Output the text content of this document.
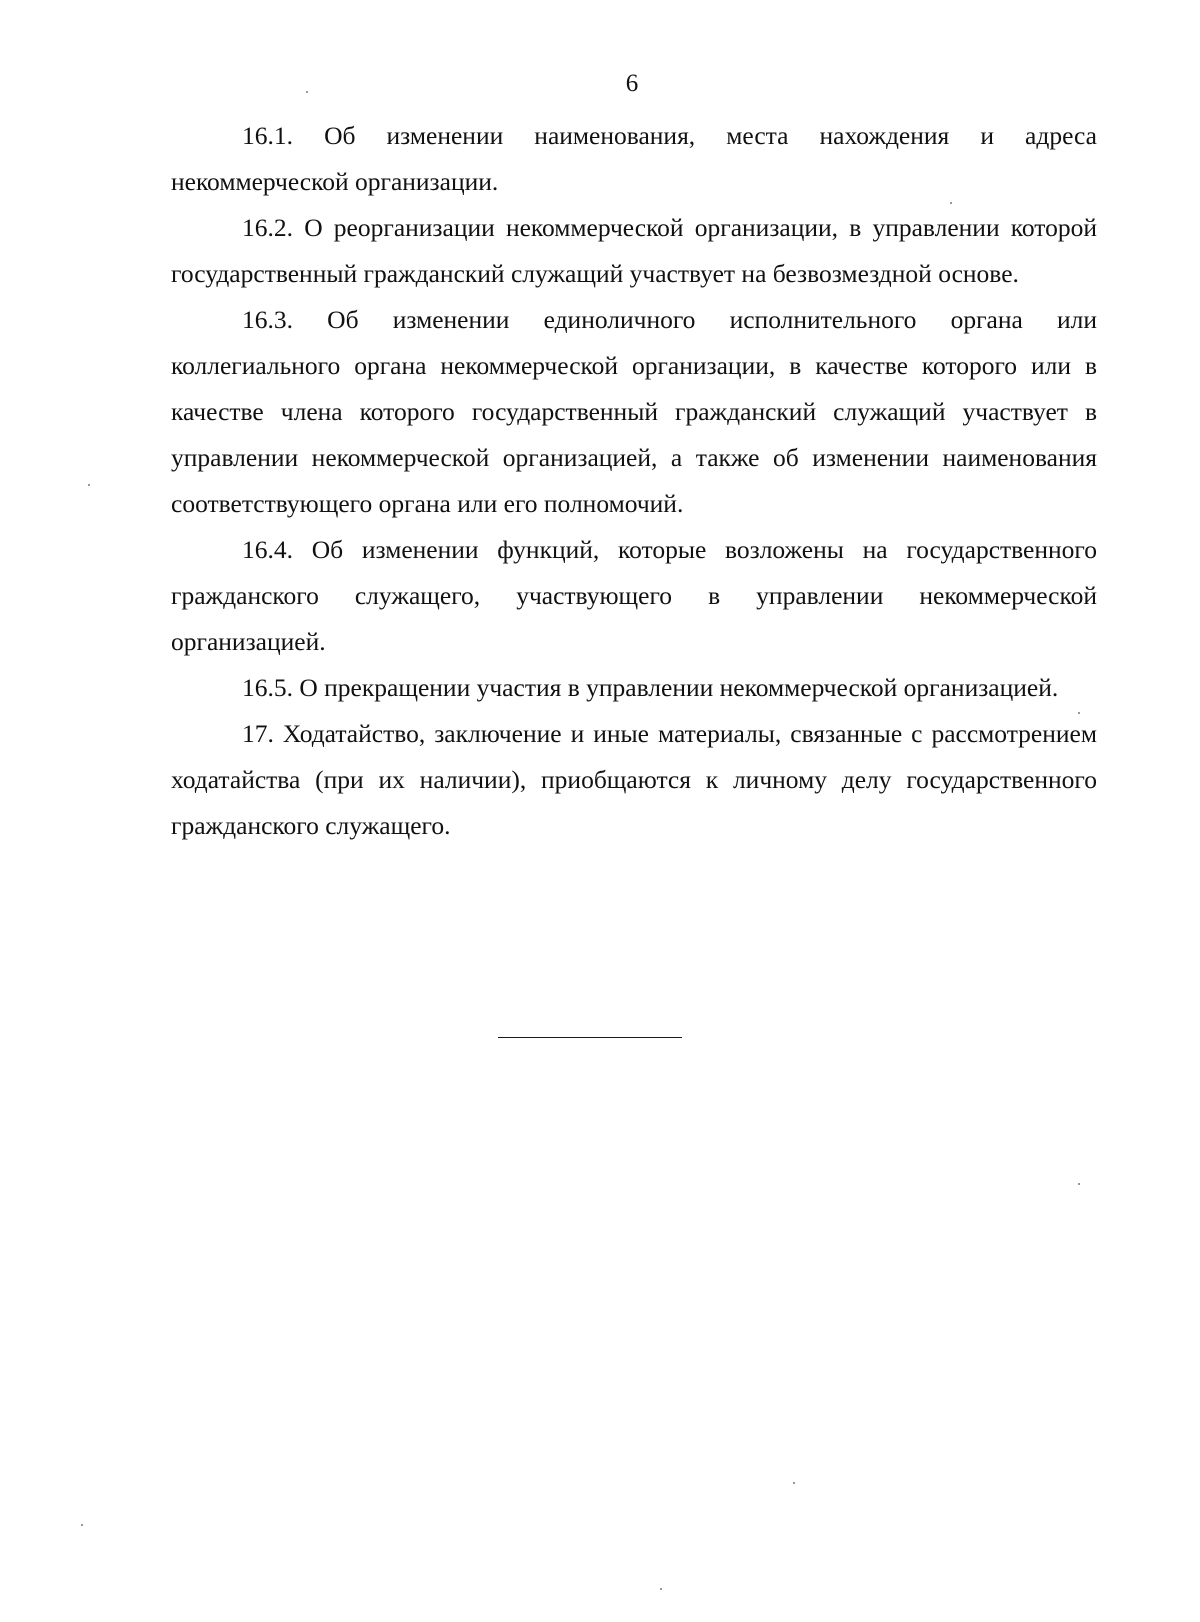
6

16.1. Об изменении наименования, места нахождения и адреса некоммерческой организации.

16.2. О реорганизации некоммерческой организации, в управлении которой государственный гражданский служащий участвует на безвозмездной основе.

16.3. Об изменении единоличного исполнительного органа или коллегиального органа некоммерческой организации, в качестве которого или в качестве члена которого государственный гражданский служащий участвует в управлении некоммерческой организацией, а также об изменении наименования соответствующего органа или его полномочий.

16.4. Об изменении функций, которые возложены на государственного гражданского служащего, участвующего в управлении некоммерческой организацией.

16.5. О прекращении участия в управлении некоммерческой организацией.

17. Ходатайство, заключение и иные материалы, связанные с рассмотрением ходатайства (при их наличии), приобщаются к личному делу государственного гражданского служащего.
